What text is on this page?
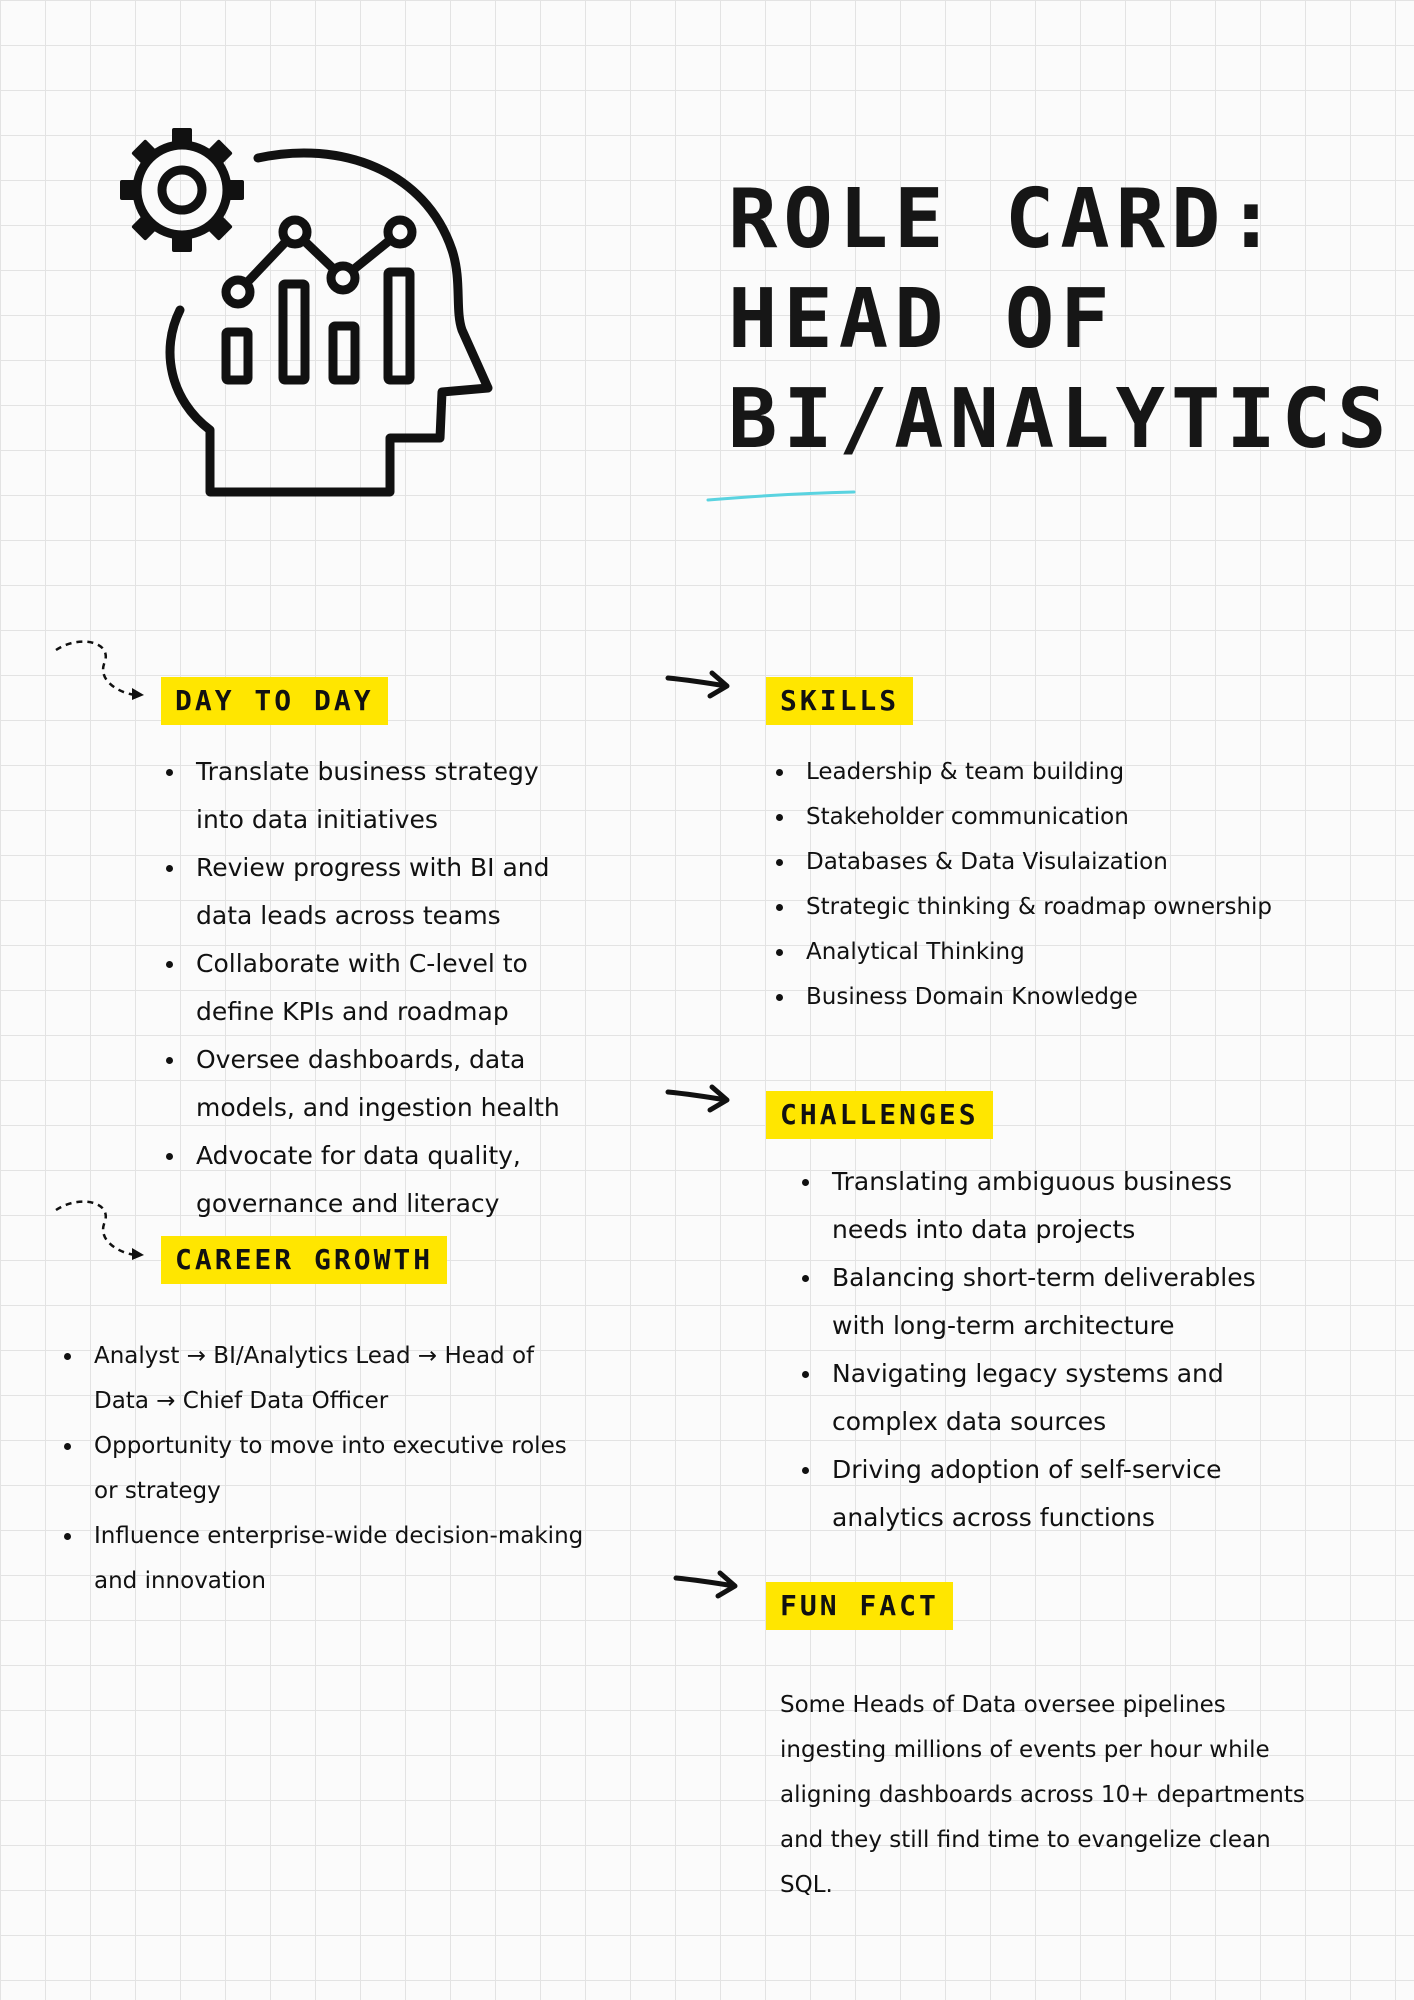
ROLE CARD:
HEAD OF
BI/ANALYTICS
DAY TO DAY
Translate business strategy
into data initiatives
Review progress with BI and
data leads across teams
Collaborate with C-level to
define KPIs and roadmap
Oversee dashboards, data
models, and ingestion health
Advocate for data quality,
governance and literacy
SKILLS
Leadership & team building
Stakeholder communication
Databases & Data Visulaization
Strategic thinking & roadmap ownership
Analytical Thinking
Business Domain Knowledge
CHALLENGES
Translating ambiguous business
needs into data projects
Balancing short-term deliverables
with long-term architecture
Navigating legacy systems and
complex data sources
Driving adoption of self-service
analytics across functions
CAREER GROWTH
Analyst → BI/Analytics Lead → Head of
Data → Chief Data Officer
Opportunity to move into executive roles
or strategy
Influence enterprise-wide decision-making
and innovation
FUN FACT
Some Heads of Data oversee pipelines
ingesting millions of events per hour while
aligning dashboards across 10+ departments
and they still find time to evangelize clean
SQL.
